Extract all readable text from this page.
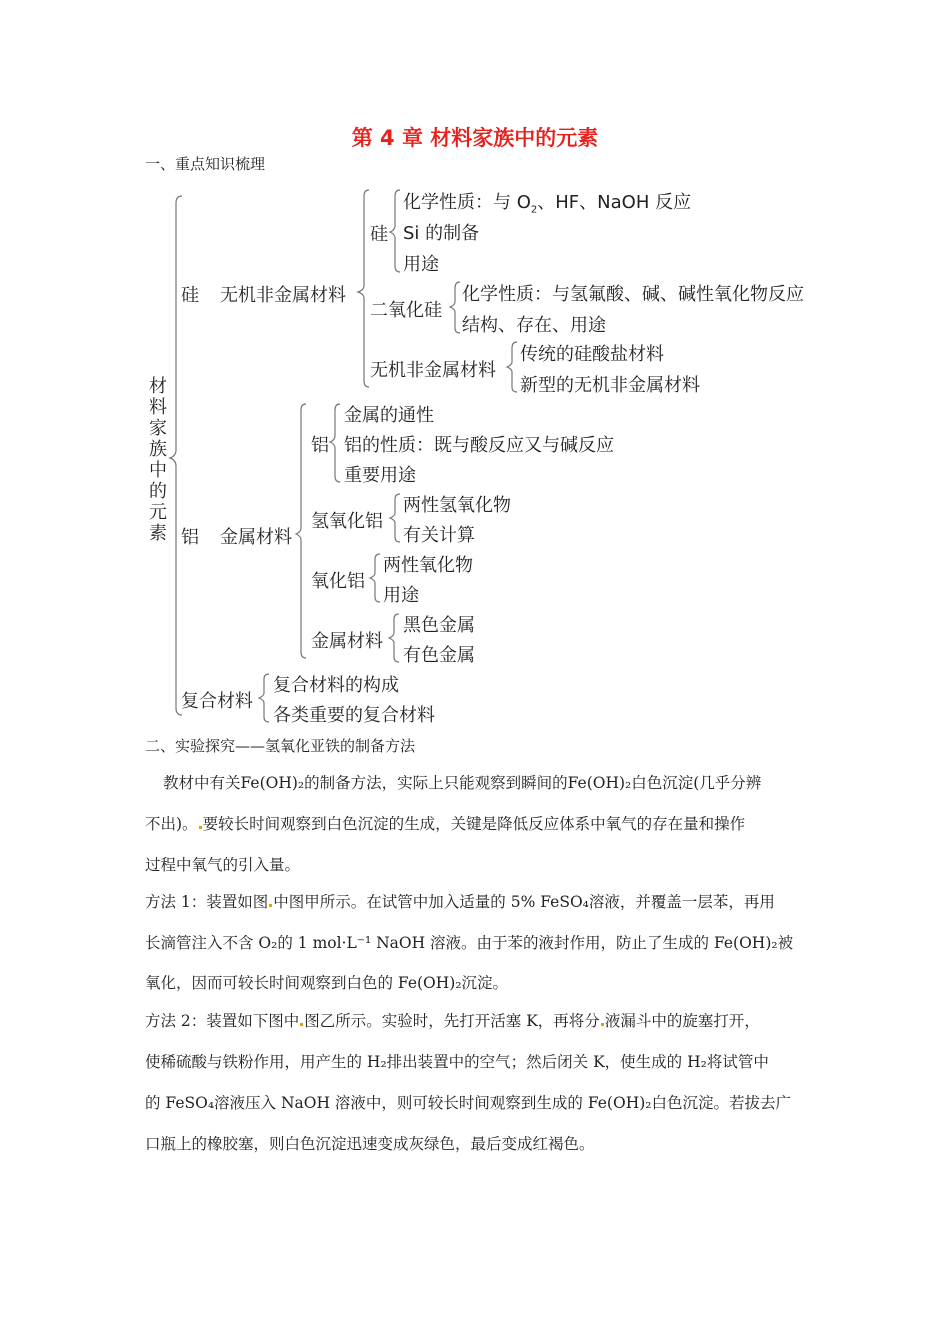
第 4 章 材料家族中的元素
一、重点知识梳理
材料家族中的元素
硅 无机非金属材料
硅
化学性质：与 $O_2$、HF、NaOH 反应
Si 的制备
用途
二氧化硅
化学性质：与氢氟酸、碱、碱性氧化物反应
结构、存在、用途
无机非金属材料
传统的硅酸盐材料
新型的无机非金属材料
铝 金属材料
铝
金属的通性
铝的性质：既与酸反应又与碱反应
重要用途
氢氧化铝
两性氢氧化物
有关计算
氧化铝
两性氧化物
用途
金属材料
黑色金属
有色金属
复合材料
复合材料的构成
各类重要的复合材料
二、实验探究——氢氧化亚铁的制备方法
教材中有关Fe(OH)₂的制备方法，实际上只能观察到瞬间的Fe(OH)₂白色沉淀(几乎分辨
不出)。 要较长时间观察到白色沉淀的生成，关键是降低反应体系中氧气的存在量和操作
过程中氧气的引入量。
方法 1：装置如图 中图甲所示。在试管中加入适量的 5% FeSO₄溶液，并覆盖一层苯，再用
长滴管注入不含 O₂的 1 mol·L⁻¹ NaOH 溶液。由于苯的液封作用，防止了生成的 Fe(OH)₂被
氧化，因而可较长时间观察到白色的 Fe(OH)₂沉淀。
方法 2：装置如下图中 图乙所示。实验时，先打开活塞 K，再将分 液漏斗中的旋塞打开，
使稀硫酸与铁粉作用，用产生的 H₂排出装置中的空气；然后闭关 K，使生成的 H₂将试管中
的 FeSO₄溶液压入 NaOH 溶液中，则可较长时间观察到生成的 Fe(OH)₂白色沉淀。若拔去广
口瓶上的橡胶塞，则白色沉淀迅速变成灰绿色，最后变成红褐色。
